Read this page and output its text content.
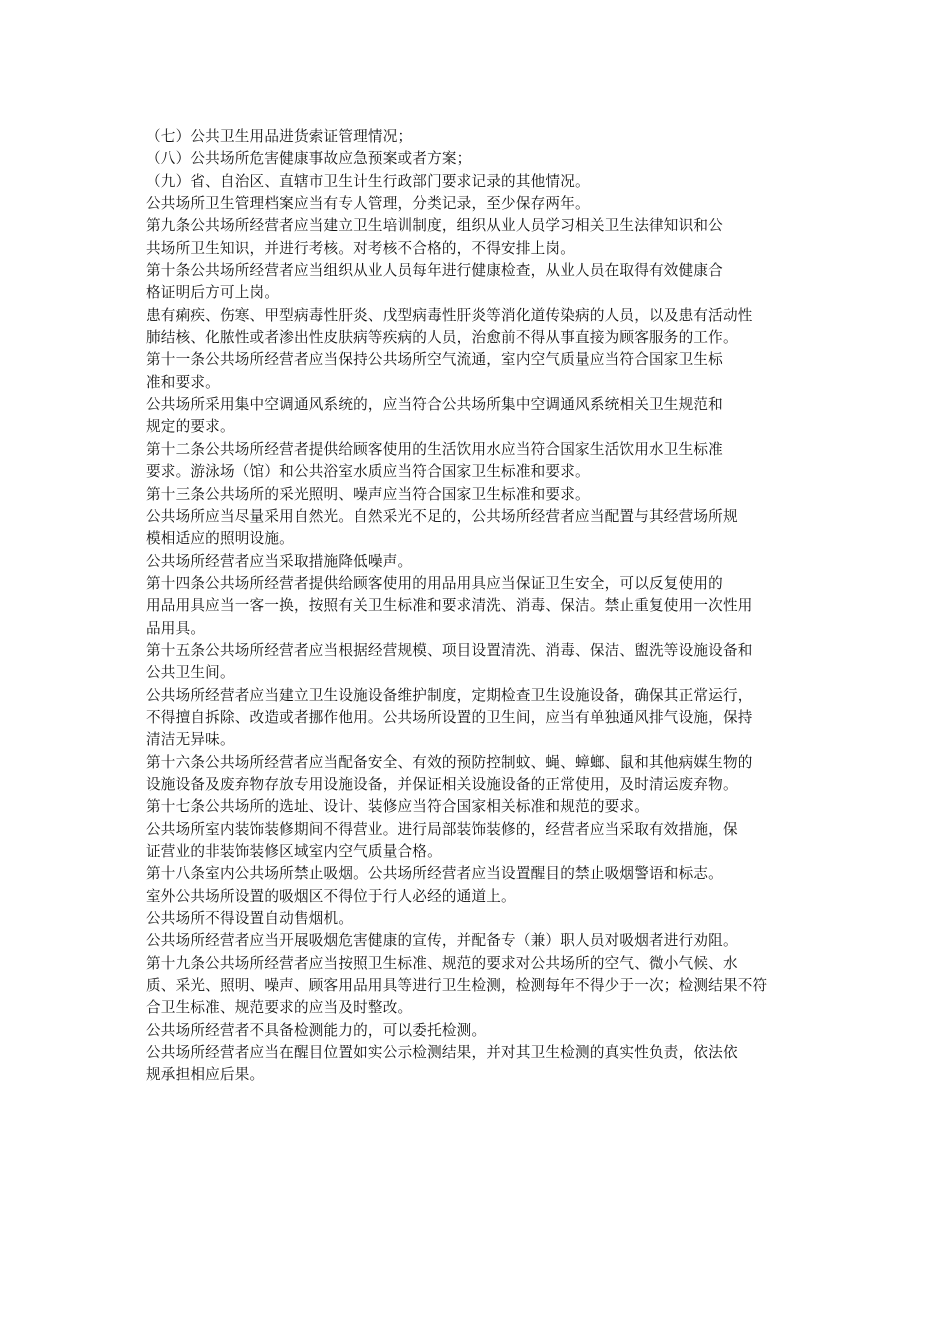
（七）公共卫生用品进货索证管理情况；

（八）公共场所危害健康事故应急预案或者方案；

（九）省、自治区、直辖市卫生计生行政部门要求记录的其他情况。

公共场所卫生管理档案应当有专人管理，分类记录，至少保存两年。

第九条公共场所经营者应当建立卫生培训制度，组织从业人员学习相关卫生法律知识和公

共场所卫生知识，并进行考核。对考核不合格的，不得安排上岗。

第十条公共场所经营者应当组织从业人员每年进行健康检查，从业人员在取得有效健康合

格证明后方可上岗。

患有痢疾、伤寒、甲型病毒性肝炎、戊型病毒性肝炎等消化道传染病的人员，以及患有活动性

肺结核、化脓性或者渗出性皮肤病等疾病的人员，治愈前不得从事直接为顾客服务的工作。

第十一条公共场所经营者应当保持公共场所空气流通，室内空气质量应当符合国家卫生标

准和要求。

公共场所采用集中空调通风系统的，应当符合公共场所集中空调通风系统相关卫生规范和

规定的要求。

第十二条公共场所经营者提供给顾客使用的生活饮用水应当符合国家生活饮用水卫生标准

要求。游泳场（馆）和公共浴室水质应当符合国家卫生标准和要求。

第十三条公共场所的采光照明、噪声应当符合国家卫生标准和要求。

公共场所应当尽量采用自然光。自然采光不足的，公共场所经营者应当配置与其经营场所规

模相适应的照明设施。

公共场所经营者应当采取措施降低噪声。

第十四条公共场所经营者提供给顾客使用的用品用具应当保证卫生安全，可以反复使用的

用品用具应当一客一换，按照有关卫生标准和要求清洗、消毒、保洁。禁止重复使用一次性用

品用具。

第十五条公共场所经营者应当根据经营规模、项目设置清洗、消毒、保洁、盥洗等设施设备和

公共卫生间。

公共场所经营者应当建立卫生设施设备维护制度，定期检查卫生设施设备，确保其正常运行，

不得擅自拆除、改造或者挪作他用。公共场所设置的卫生间，应当有单独通风排气设施，保持

清洁无异味。

第十六条公共场所经营者应当配备安全、有效的预防控制蚊、蝇、蟑螂、鼠和其他病媒生物的

设施设备及废弃物存放专用设施设备，并保证相关设施设备的正常使用，及时清运废弃物。

第十七条公共场所的选址、设计、装修应当符合国家相关标准和规范的要求。

公共场所室内装饰装修期间不得营业。进行局部装饰装修的，经营者应当采取有效措施，保

证营业的非装饰装修区域室内空气质量合格。

第十八条室内公共场所禁止吸烟。公共场所经营者应当设置醒目的禁止吸烟警语和标志。

室外公共场所设置的吸烟区不得位于行人必经的通道上。

公共场所不得设置自动售烟机。

公共场所经营者应当开展吸烟危害健康的宣传，并配备专（兼）职人员对吸烟者进行劝阻。

第十九条公共场所经营者应当按照卫生标准、规范的要求对公共场所的空气、微小气候、水

质、采光、照明、噪声、顾客用品用具等进行卫生检测，检测每年不得少于一次；检测结果不符

合卫生标准、规范要求的应当及时整改。

公共场所经营者不具备检测能力的，可以委托检测。

公共场所经营者应当在醒目位置如实公示检测结果，并对其卫生检测的真实性负责，依法依

规承担相应后果。
